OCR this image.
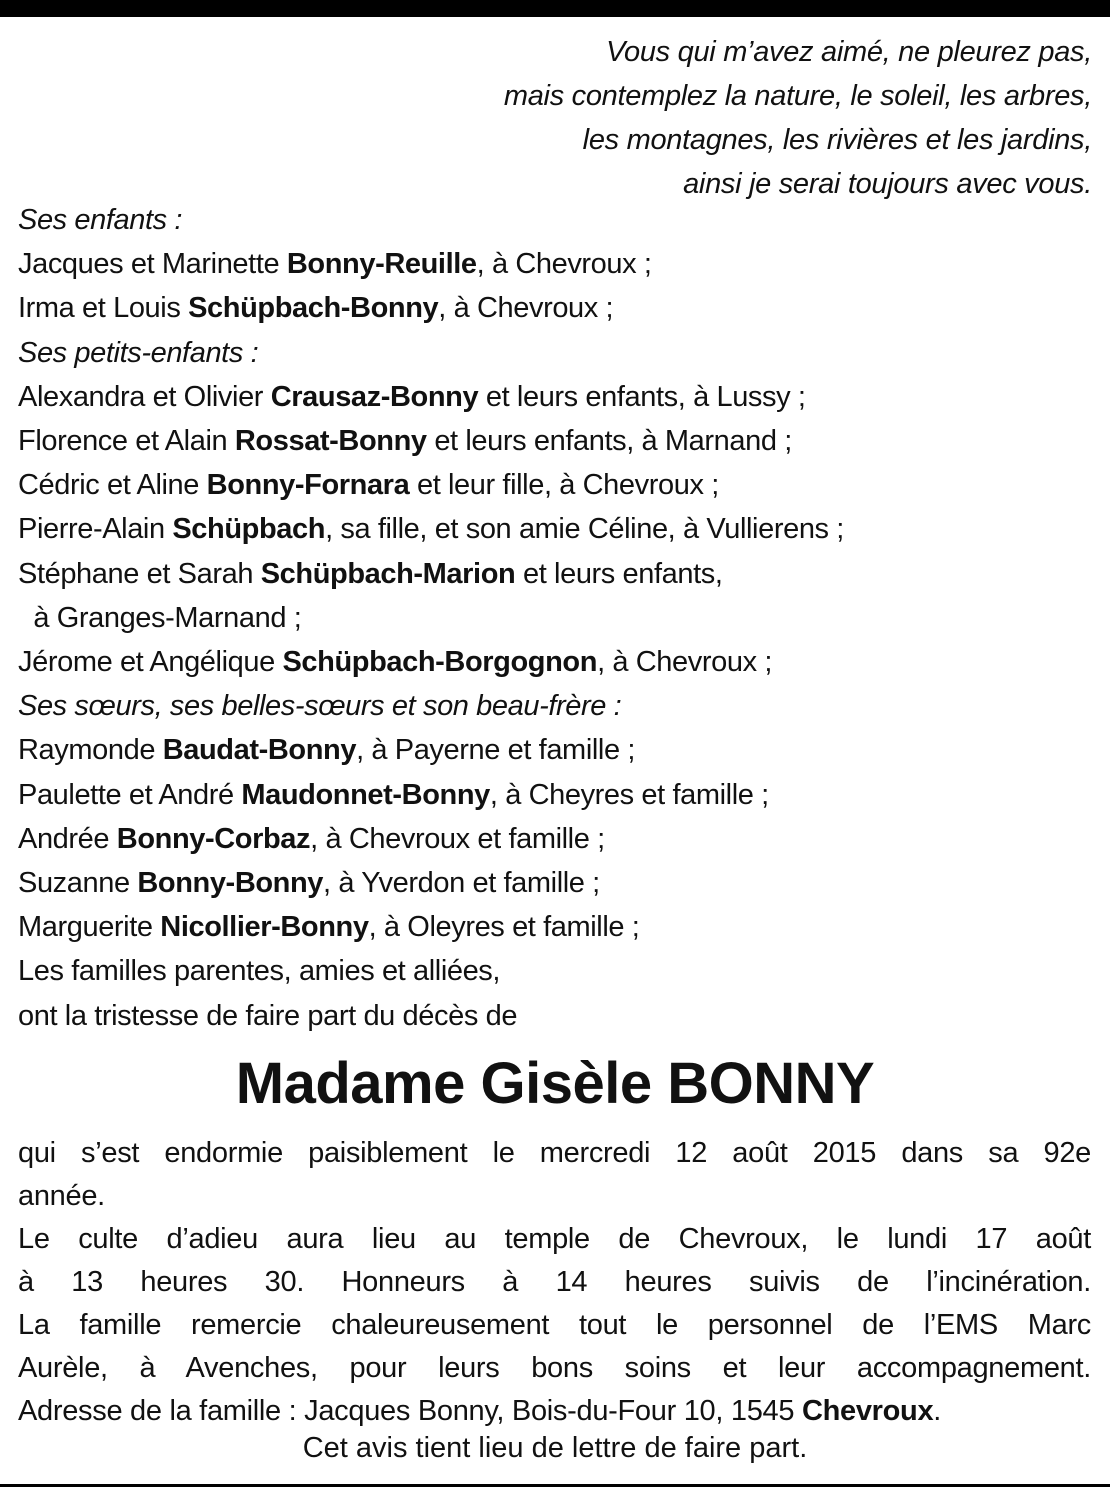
Vous qui m’avez aimé, ne pleurez pas,
mais contemplez la nature, le soleil, les arbres,
les montagnes, les rivières et les jardins,
ainsi je serai toujours avec vous.
Ses enfants :
Jacques et Marinette Bonny-Reuille, à Chevroux ;
Irma et Louis Schüpbach-Bonny, à Chevroux ;
Ses petits-enfants :
Alexandra et Olivier Crausaz-Bonny et leurs enfants, à Lussy ;
Florence et Alain Rossat-Bonny et leurs enfants, à Marnand ;
Cédric et Aline Bonny-Fornara et leur fille, à Chevroux ;
Pierre-Alain Schüpbach, sa fille, et son amie Céline, à Vullierens ;
Stéphane et Sarah Schüpbach-Marion et leurs enfants,
à Granges-Marnand ;
Jérome et Angélique Schüpbach-Borgognon, à Chevroux ;
Ses sœurs, ses belles-sœurs et son beau-frère :
Raymonde Baudat-Bonny, à Payerne et famille ;
Paulette et André Maudonnet-Bonny, à Cheyres et famille ;
Andrée Bonny-Corbaz, à Chevroux et famille ;
Suzanne Bonny-Bonny, à Yverdon et famille ;
Marguerite Nicollier-Bonny, à Oleyres et famille ;
Les familles parentes, amies et alliées,
ont la tristesse de faire part du décès de
Madame Gisèle BONNY
qui s’est endormie paisiblement le mercredi 12 août 2015 dans sa 92e
année.
Le culte d’adieu aura lieu au temple de Chevroux, le lundi 17 août
à 13 heures 30. Honneurs à 14 heures suivis de l’incinération.
La famille remercie chaleureusement tout le personnel de l’EMS Marc
Aurèle, à Avenches, pour leurs bons soins et leur accompagnement.
Adresse de la famille : Jacques Bonny, Bois-du-Four 10, 1545 Chevroux.
Cet avis tient lieu de lettre de faire part.
